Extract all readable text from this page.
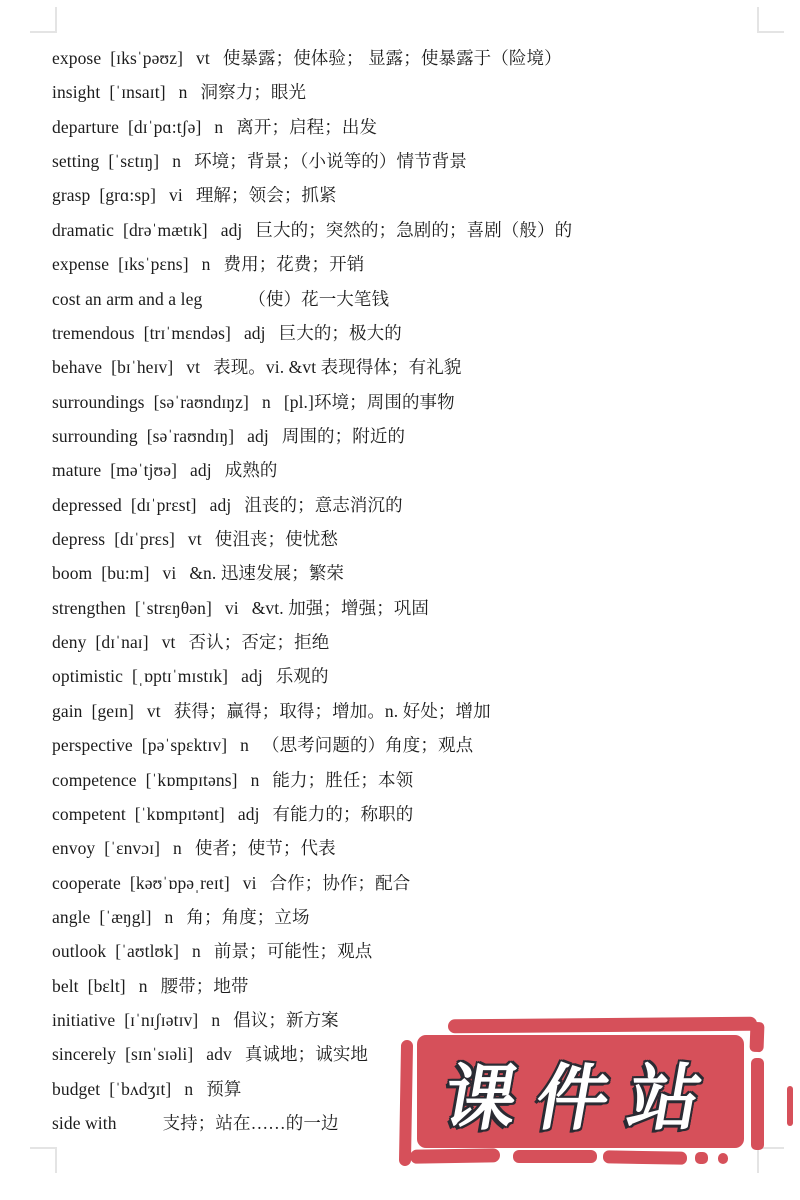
expose [ɪksˈpəʊz] vt 使暴露；使体验； 显露；使暴露于（险境）
insight [ˈɪnsaɪt] n 洞察力；眼光
departure [dɪˈpɑ:tʃə] n 离开；启程；出发
setting [ˈsɛtɪŋ] n 环境；背景；（小说等的）情节背景
grasp [grɑ:sp] vi 理解；领会；抓紧
dramatic [drəˈmætɪk] adj 巨大的；突然的；急剧的；喜剧（般）的
expense [ɪksˈpɛns] n 费用；花费；开销
cost an arm and a leg	（使）花一大笔钱
tremendous [trɪˈmɛndəs] adj 巨大的；极大的
behave [bɪˈheɪv] vt 表现。vi. &vt 表现得体；有礼貌
surroundings [səˈraʊndɪŋz] n [pl.]环境；周围的事物
surrounding [səˈraʊndɪŋ] adj 周围的；附近的
mature [məˈtjʊə] adj 成熟的
depressed [dɪˈprɛst] adj 沮丧的；意志消沉的
depress [dɪˈprɛs] vt 使沮丧；使忧愁
boom [bu:m] vi &n. 迅速发展；繁荣
strengthen [ˈstrɛŋθən] vi &vt. 加强；增强；巩固
deny [dɪˈnaɪ] vt 否认；否定；拒绝
optimistic [ˌɒptɪˈmɪstɪk] adj 乐观的
gain [geɪn] vt 获得；赢得；取得；增加。n. 好处；增加
perspective [pəˈspɛktɪv] n （思考问题的）角度；观点
competence [ˈkɒmpɪtəns] n 能力；胜任；本领
competent [ˈkɒmpɪtənt] adj 有能力的；称职的
envoy [ˈɛnvɔɪ] n 使者；使节；代表
cooperate [kəʊˈɒpəˌreɪt] vi 合作；协作；配合
angle [ˈæŋgl] n 角；角度；立场
outlook [ˈaʊtlʊk] n 前景；可能性；观点
belt [bɛlt] n 腰带；地带
initiative [ɪˈnɪʃɪətɪv] n 倡议；新方案
sincerely [sɪnˈsɪəli] adv 真诚地；诚实地
budget [ˈbʌdʒɪt] n 预算
side with	支持；站在……的一边	课件站
